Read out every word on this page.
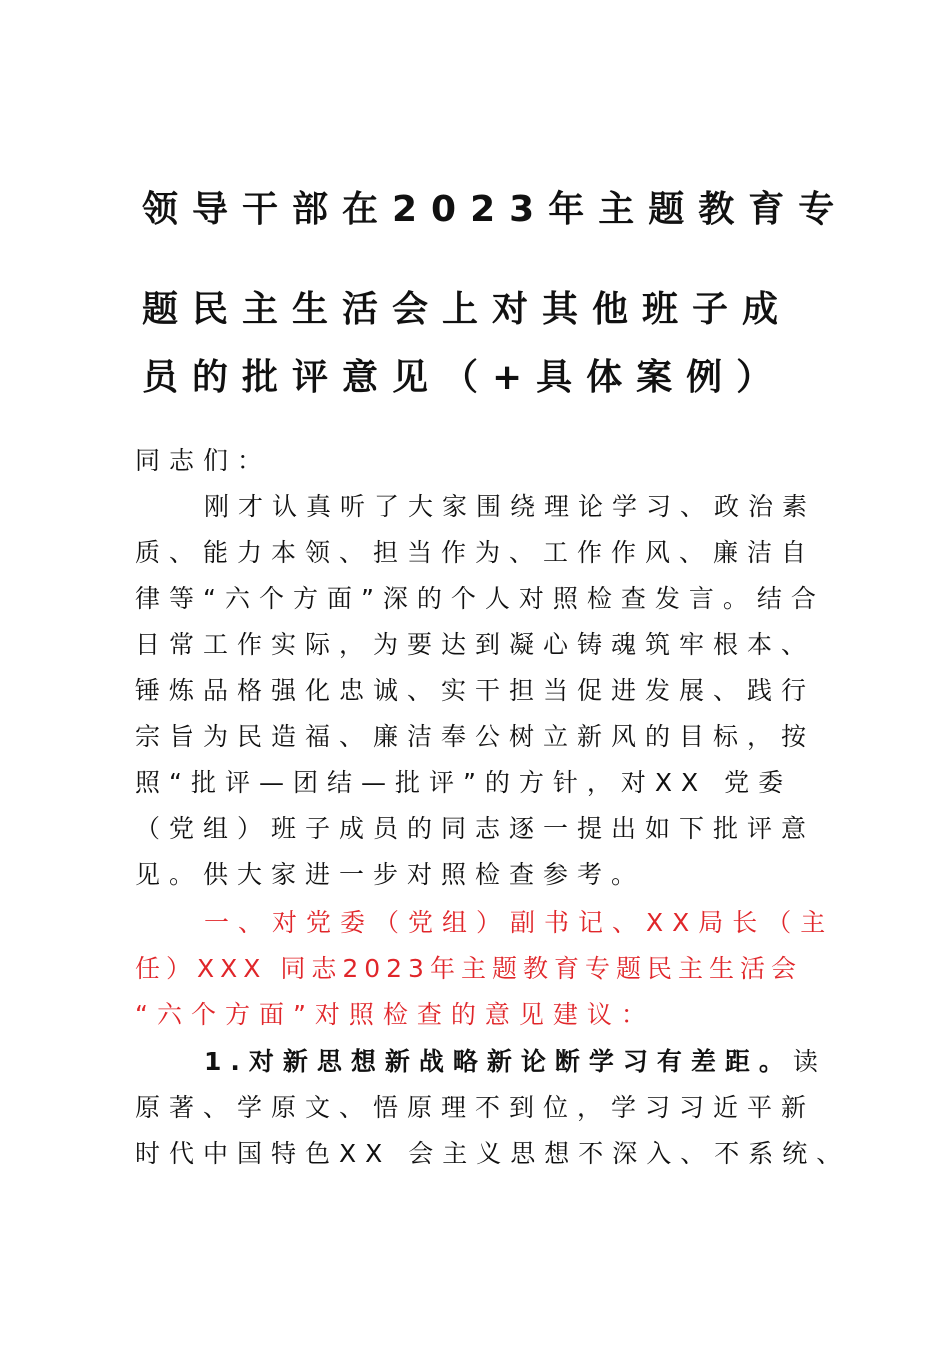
领导干部在2023年主题教育专
题民主生活会上对其他班子成
员的批评意见（+具体案例）
同志们：
刚才认真听了大家围绕理论学习、政治素
质、能力本领、担当作为、工作作风、廉洁自
律等“六个方面”深的个人对照检查发言。结合
日常工作实际，为要达到凝心铸魂筑牢根本、
锤炼品格强化忠诚、实干担当促进发展、践行
宗旨为民造福、廉洁奉公树立新风的目标，按
照“批评—团结—批评”的方针，对XX 党委
（党组）班子成员的同志逐一提出如下批评意
见。供大家进一步对照检查参考。
一、对党委（党组）副书记、XX局长（主
任）XXX 同志2023年主题教育专题民主生活会
“六个方面”对照检查的意见建议：
1.对新思想新战略新论断学习有差距。读
原著、学原文、悟原理不到位，学习习近平新
时代中国特色XX 会主义思想不深入、不系统、
